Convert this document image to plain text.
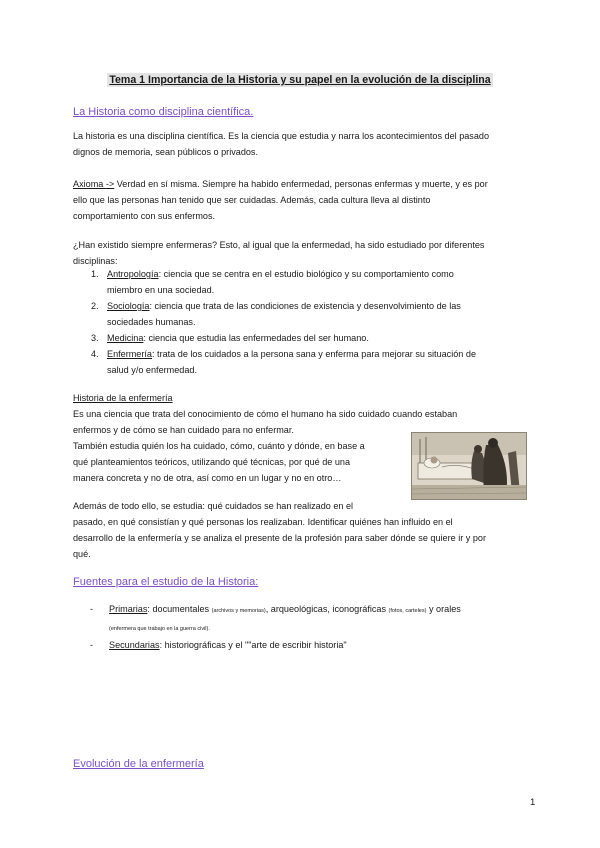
Tema 1 Importancia de la Historia y su papel en la evolución de la disciplina
La Historia como disciplina científica.
La historia es una disciplina científica. Es la ciencia que estudia y narra los acontecimientos del pasado
dignos de memoria, sean públicos o privados.
Axioma -> Verdad en sí misma. Siempre ha habido enfermedad, personas enfermas y muerte, y es por
ello que las personas han tenido que ser cuidadas. Además, cada cultura lleva al distinto
comportamiento con sus enfermos.
¿Han existido siempre enfermeras? Esto, al igual que la enfermedad, ha sido estudiado por diferentes
disciplinas:
1. Antropología: ciencia que se centra en el estudio biológico y su comportamiento como
miembro en una sociedad.
2. Sociología: ciencia que trata de las condiciones de existencia y desenvolvimiento de las
sociedades humanas.
3. Medicina: ciencia que estudia las enfermedades del ser humano.
4. Enfermería: trata de los cuidados a la persona sana y enferma para mejorar su situación de
salud y/o enfermedad.
Historia de la enfermería
Es una ciencia que trata del conocimiento de cómo el humano ha sido cuidado cuando estaban
enfermos y de cómo se han cuidado para no enfermar.
También estudia quién los ha cuidado, cómo, cuánto y dónde, en base a
qué planteamientos teóricos, utilizando qué técnicas, por qué de una
manera concreta y no de otra, así como en un lugar y no en otro…
Además de todo ello, se estudia: qué cuidados se han realizado en el
pasado, en qué consistían y qué personas los realizaban. Identificar quiénes han influido en el
desarrollo de la enfermería y se analiza el presente de la profesión para saber dónde se quiere ir y por
qué.
Fuentes para el estudio de la Historia:
- Primarias: documentales (archivos y memorias), arqueológicas, iconográficas (fotos, carteles) y orales
(enfermera que trabajo en la guerra civil).
- Secundarias: historiográficas y el ""arte de escribir historia"
Evolución de la enfermería
1
